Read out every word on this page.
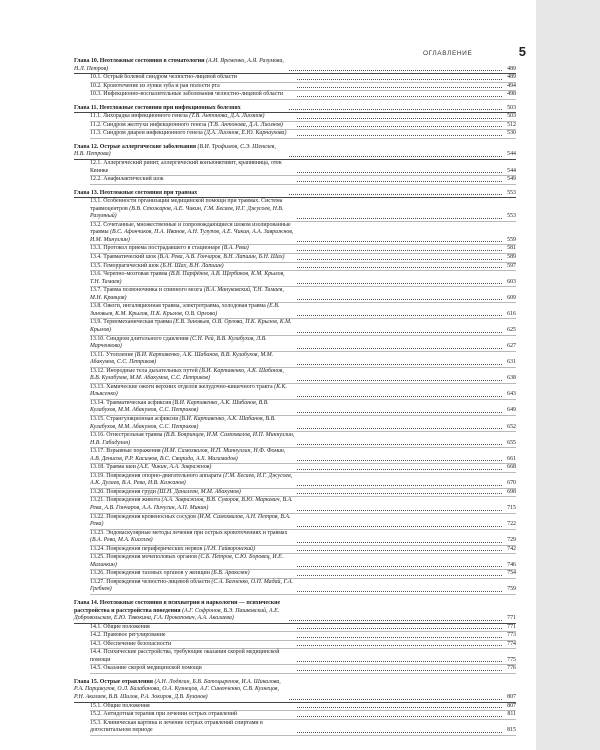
ОГЛАВЛЕНИЕ	5
Глава 10. Неотложные состояния в стоматологии (А.И. Яременко, А.Я. Разумова, Н.Л. Петров)	489
10.1. Острый болевой синдром челюстно-лицевой области	489
10.2. Кровотечение из лунки зуба и рая полости рта	494
10.3. Инфекционно-воспалительные заболевания челюстно-лицевой области	498
Глава 11. Неотложные состояния при инфекционных болезнях	503
11.1. Лихорадка инфекционного генеза (Т.В. Антонова, Д.А. Лиознов)	503
11.2. Синдром желтухи инфекционного генеза (Т.В. Антонова, Д.А. Лиознов)	512
11.3. Синдром диареи инфекционного генеза (Д.А. Лиознов, Е.Ю. Карнаухова)	530
Глава 12. Острые аллергические заболевания (В.И. Трофимов, С.Э. Шенелев, Н.В. Петрова)	544
12.1. Аллергический ринит, аллергический конъюнктивит, крапивница, отек Квинке	544
12.2. Анафилактический шок	549
Глава 13. Неотложные состояния при травмах	553
13.1. Особенности организации медицинской помощи при травмах. Система травмоцентров (В.В. Стожаров, А.Е. Чикин, Г.М. Бесаев, И.Г. Джусоев, Н.В. Разумный)	553
13.2. Сочетанные, множественные и сопровождающиеся шоком изолированные травмы (В.С. Афончиков, П.А. Иванов, А.Н. Тулупов, А.Е. Чикин, А.А. Завражнов, И.М. Минуллин)	559
13.3. Протокол приема пострадавшего в стационаре (В.А. Рева)	581
13.4. Травматический шок (В.А. Рева, А.В. Гончаров, В.Н. Лапшин, Б.Н. Шах)	589
13.5. Геморрагический шок (Б.Н. Шах, В.Н. Лапшин)	597
13.6. Черепно-мозговая травма (В.В. Парфёнов, А.В. Щербаков, К.М. Крылов, Т.Н. Тамаев)	603
13.7. Травма позвоночника и спинного мозга (В.А. Мануковский, Т.Н. Тамаев, М.Н. Кравцов)	609
13.8. Ожоги, ингаляционная травма, электротравма, холодовая травма (Е.В. Зиновьев, К.М. Крылов, П.К. Крылов, О.В. Орлова)	616
13.9. Термомеханическая травма (Е.В. Зиновьев, О.В. Орлова, П.К. Крылов, К.М. Крылов)	625
13.10. Синдром длительного сдавления (С.Н. Рей, В.В. Кулабухов, Л.В. Марченкова)	627
13.11. Утопление (В.И. Картавенко, А.К. Шабанов, В.В. Кулабухов, М.М. Абакумов, С.С. Петриков)	631
13.12. Инородные тела дыхательных путей (В.И. Картавенко, А.К. Шабанов, В.В. Кулабухов, М.М. Абакумов, С.С. Петриков)	638
13.13. Химические ожоги верхних отделов желудочно-кишечного тракта (К.К. Ильясенко)	643
13.14. Травматическая асфиксия (В.И. Картавенко, А.К. Шабанов, В.В. Кулабухов, М.М. Абакумов, С.С. Петриков)	649
13.15. Странгуляционная асфиксия (В.И. Картавенко, А.К. Шабанов, В.В. Кулабухов, М.М. Абакумов, С.С. Петриков)	652
13.16. Огнестрельная травма (В.В. Бояринцев, И.М. Самохвалов, И.П. Миннуллин, Н.В. Габидулин)	655
13.17. Взрывные поражения (И.М. Самохвалов, И.П. Миннуллин, Н.Ф. Фомин, А.В. Денисов, Р.Р. Касимов, В.С. Свирида, А.Х. Магамадов)	661
13.18. Травма шеи (А.Е. Чикин, А.А. Завражнов)	668
13.19. Повреждения опорно-двигательного аппарата (Г.М. Бесаев, И.Г. Джусоев, А.К. Дулаев, В.А. Рева, И.В. Кажанов)	670
13.20. Повреждения груди (Ш.Н. Данилеян, М.М. Абакумов)	698
13.21. Повреждения живота (А.А. Завражнов, В.В. Суворов, В.Ю. Маркевич, В.А. Рева, А.В. Гончаров, А.А. Пичугин, А.П. Минин)	715
13.22. Повреждения кровеносных сосудов (И.М. Самохвалов, А.Н. Петров, В.А. Рева)	722
13.23. Эндоваскулярные методы лечения при острых кровотечениях и травмах (В.А. Рева, М.А. Киселев)	729
13.24. Повреждения периферических нервов (Л.Н. Гайворонский)	742
13.25. Повреждения мочеполовых органов (С.Б. Петров, С.Ю. Боровец, И.Е. Малинкин)	746
13.26. Повреждения тазовых органов у женщин (Б.В. Аракелян)	754
13.27. Повреждения челюстно-лицевой области (С.А. Багненко, О.П. Мадай, Г.А. Гребнев)	759
Глава 14. Неотложные состояния в психиатрии и наркологии — психические расстройства и расстройства поведения (А.Г. Софронов, В.Э. Пашковский, А.Е. Добровольская, Е.Ю. Тявокина, Г.А. Прокопович, А.А. Акалаева)	771
14.1. Общие положения	771
14.2. Правовое регулирование	773
14.3. Обеспечение безопасности	774
14.4. Психические расстройства, требующие оказания скорой медицинской помощи	775
14.5. Оказание скорой медицинской помощи	776
Глава 15. Острые отравления (А.Н. Лодягин, Б.В. Батоцыренов, И.А. Шикалова, Р.А. Парцикулов, О.Л. Балабанова, О.А. Кузнецов, А.Г. Синенченко, С.В. Кузнецов, Р.Н. Акалаев, В.В. Шилов, Р.А. Зокиров, Д.В. Бузанов)	807
15.1. Общие положения	807
15.2. Антидотная терапия при лечении острых отравлений	811
15.3. Клиническая картина и лечение острых отравлений спиртами в догоспитальном периоде	815
